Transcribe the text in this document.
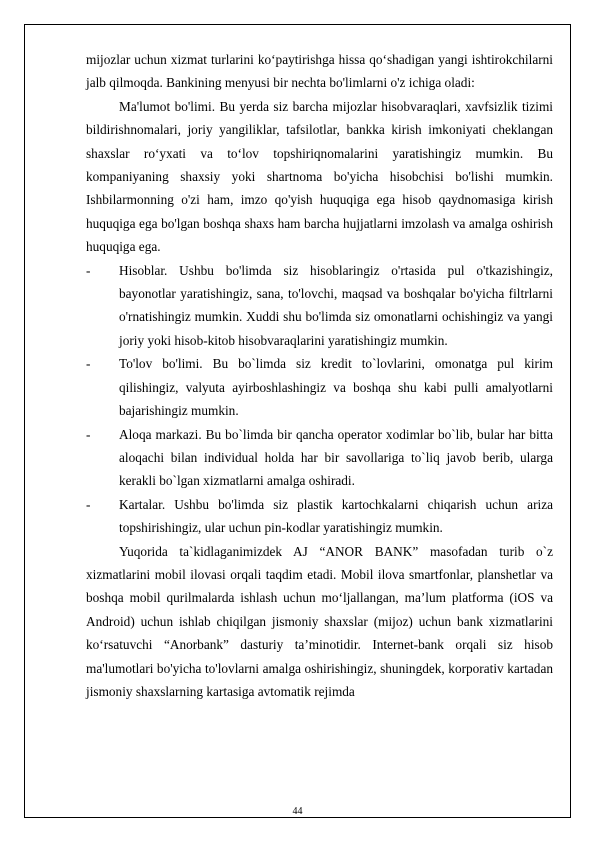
mijozlar uchun xizmat turlarini ko‘paytirishga hissa qo‘shadigan yangi ishtirokchilarni jalb qilmoqda. Bankining menyusi bir nechta bo'limlarni o'z ichiga oladi:

Ma'lumot bo'limi. Bu yerda siz barcha mijozlar hisobvaraqlari, xavfsizlik tizimi bildirishnomalari, joriy yangiliklar, tafsilotlar, bankka kirish imkoniyati cheklangan shaxslar ro‘yxati va to‘lov topshiriqnomalarini yaratishingiz mumkin. Bu kompaniyaning shaxsiy yoki shartnoma bo'yicha hisobchisi bo'lishi mumkin. Ishbilarmonning o'zi ham, imzo qo'yish huquqiga ega hisob qaydnomasiga kirish huquqiga ega bo'lgan boshqa shaxs ham barcha hujjatlarni imzolash va amalga oshirish huquqiga ega.

- Hisoblar. Ushbu bo'limda siz hisoblaringiz o'rtasida pul o'tkazishingiz, bayonotlar yaratishingiz, sana, to'lovchi, maqsad va boshqalar bo'yicha filtrlarni o'rnatishingiz mumkin. Xuddi shu bo'limda siz omonatlarni ochishingiz va yangi joriy yoki hisob-kitob hisobvaraqlarini yaratishingiz mumkin.
- To'lov bo'limi. Bu bo`limda siz kredit to`lovlarini, omonatga pul kirim qilishingiz, valyuta ayirboshlashingiz va boshqa shu kabi pulli amalyotlarni bajarishingiz mumkin.
- Aloqa markazi. Bu bo`limda bir qancha operator xodimlar bo`lib, bular har bitta aloqachi bilan individual holda har bir savollariga to`liq javob berib, ularga kerakli bo`lgan xizmatlarni amalga oshiradi.
- Kartalar. Ushbu bo'limda siz plastik kartochkalarni chiqarish uchun ariza topshirishingiz, ular uchun pin-kodlar yaratishingiz mumkin.

Yuqorida ta`kidlaganimizdek AJ “ANOR BANK” masofadan turib o`z xizmatlarini mobil ilovasi orqali taqdim etadi. Mobil ilova smartfonlar, planshetlar va boshqa mobil qurilmalarda ishlash uchun mo‘ljallangan, ma’lum platforma (iOS va Android) uchun ishlab chiqilgan jismoniy shaxslar (mijoz) uchun bank xizmatlarini ko‘rsatuvchi “Anorbank” dasturiy ta’minotidir. Internet-bank orqali siz hisob ma'lumotlari bo'yicha to'lovlarni amalga oshirishingiz, shuningdek, korporativ kartadan jismoniy shaxslarning kartasiga avtomatik rejimda

44
